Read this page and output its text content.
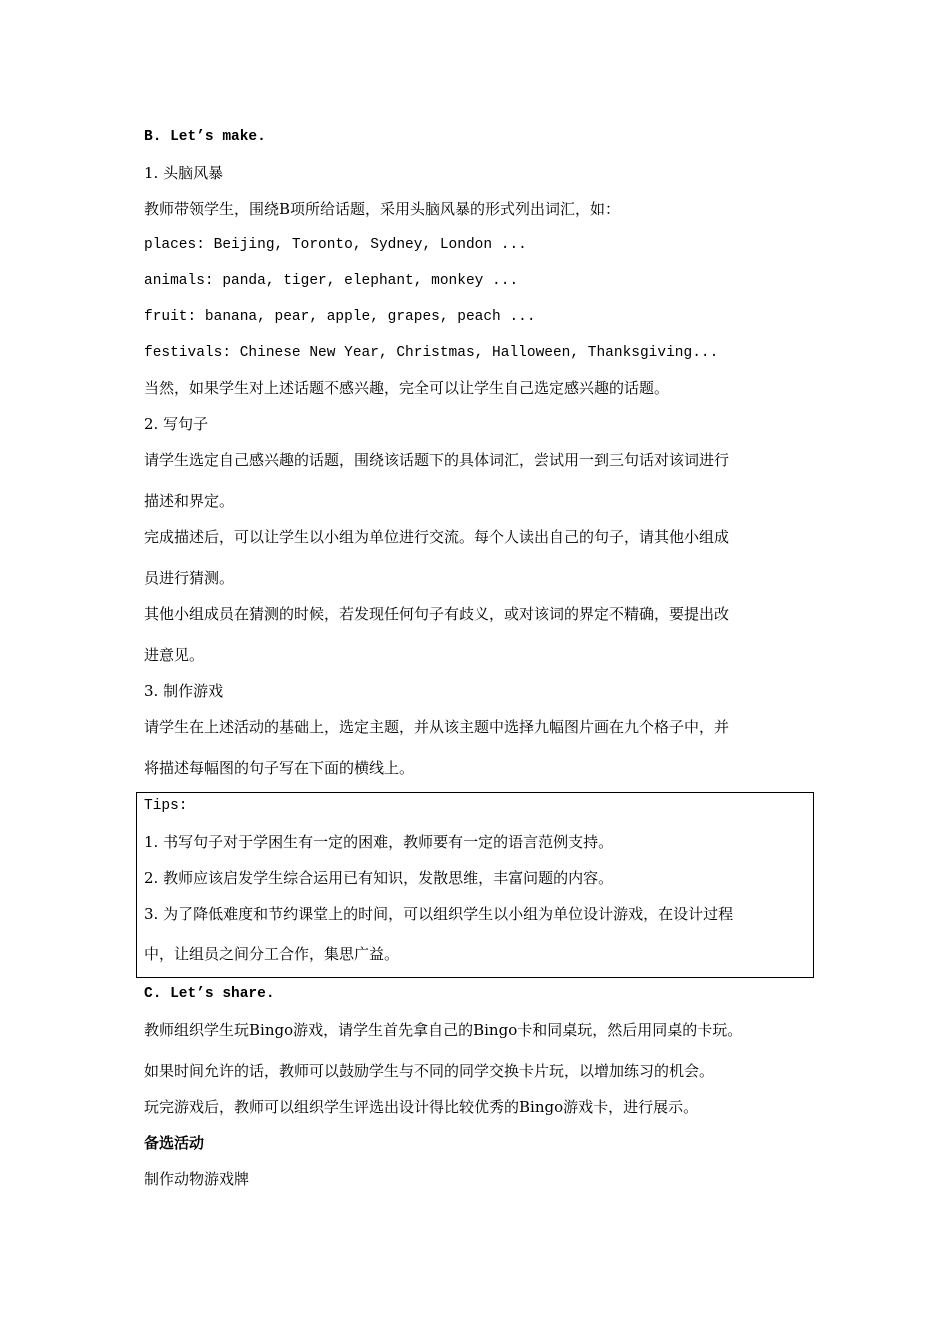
B. Let’s make.

1. 头脑风暴

教师带领学生，围绕B项所给话题，采用头脑风暴的形式列出词汇，如：

places: Beijing, Toronto, Sydney, London ...

animals: panda, tiger, elephant, monkey ...

fruit: banana, pear, apple, grapes, peach ...

festivals: Chinese New Year, Christmas, Halloween, Thanksgiving...

当然，如果学生对上述话题不感兴趣，完全可以让学生自己选定感兴趣的话题。

2. 写句子

请学生选定自己感兴趣的话题，围绕该话题下的具体词汇，尝试用一到三句话对该词进行

描述和界定。

完成描述后，可以让学生以小组为单位进行交流。每个人读出自己的句子，请其他小组成

员进行猜测。

其他小组成员在猜测的时候，若发现任何句子有歧义，或对该词的界定不精确，要提出改

进意见。

3. 制作游戏

请学生在上述活动的基础上，选定主题，并从该主题中选择九幅图片画在九个格子中，并

将描述每幅图的句子写在下面的横线上。

Tips:

1. 书写句子对于学困生有一定的困难，教师要有一定的语言范例支持。

2. 教师应该启发学生综合运用已有知识，发散思维，丰富问题的内容。

3. 为了降低难度和节约课堂上的时间，可以组织学生以小组为单位设计游戏，在设计过程

中，让组员之间分工合作，集思广益。

C. Let’s share.

教师组织学生玩Bingo游戏，请学生首先拿自己的Bingo卡和同桌玩，然后用同桌的卡玩。

如果时间允许的话，教师可以鼓励学生与不同的同学交换卡片玩，以增加练习的机会。

玩完游戏后，教师可以组织学生评选出设计得比较优秀的Bingo游戏卡，进行展示。

备选活动

制作动物游戏牌
